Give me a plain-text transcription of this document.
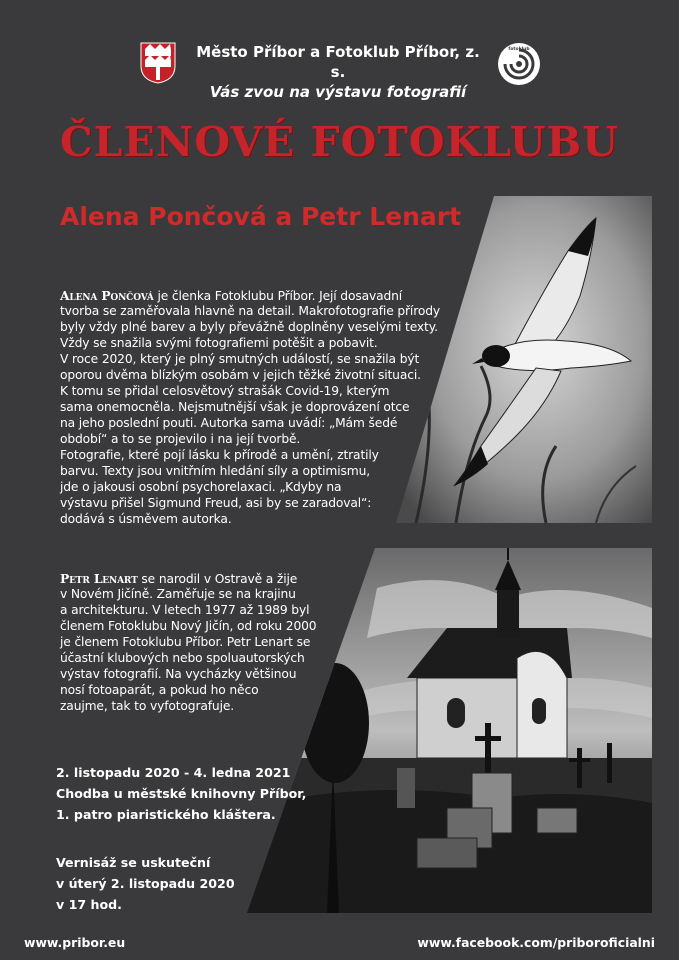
Město Příbor a Fotoklub Příbor, z. s.
Vás zvou na výstavu fotografií
fotoklub
ČLENOVÉ FOTOKLUBU
Alena Pončová a Petr Lenart

Alena Pončová je členka Fotoklubu Příbor. Její dosavadní

tvorba se zaměřovala hlavně na detail. Makrofotografie přírody

byly vždy plné barev a byly převážně doplněny veselými texty.

Vždy se snažila svými fotografiemi potěšit a pobavit.

V roce 2020, který je plný smutných událostí, se snažila být

oporou dvěma blízkým osobám v jejich těžké životní situaci.

K tomu se přidal celosvětový strašák Covid-19, kterým

sama onemocněla. Nejsmutnější však je doprovázení otce

na jeho poslední pouti. Autorka sama uvádí: „Mám šedé

období“ a to se projevilo i na její tvorbě.

Fotografie, které pojí lásku k přírodě a umění, ztratily

barvu. Texty jsou vnitřním hledání síly a optimismu,

jde o jakousi osobní psychorelaxaci. „Kdyby na

výstavu přišel Sigmund Freud, asi by se zaradoval“:

dodává s úsměvem autorka.

Petr Lenart se narodil v Ostravě a žije

v Novém Jičíně. Zaměřuje se na krajinu

a architekturu. V letech 1977 až 1989 byl

členem Fotoklubu Nový Jičín, od roku 2000

je členem Fotoklubu Příbor. Petr Lenart se

účastní klubových nebo spoluautorských

výstav fotografií. Na vycházky většinou

nosí fotoaparát, a pokud ho něco

zaujme, tak to vyfotografuje.

2. listopadu 2020 - 4. ledna 2021

Chodba u městské knihovny Příbor,

1. patro piaristického kláštera.

Vernisáž se uskuteční

v úterý 2. listopadu 2020

v 17 hod.

www.pribor.eu	www.facebook.com/priboroficialni
